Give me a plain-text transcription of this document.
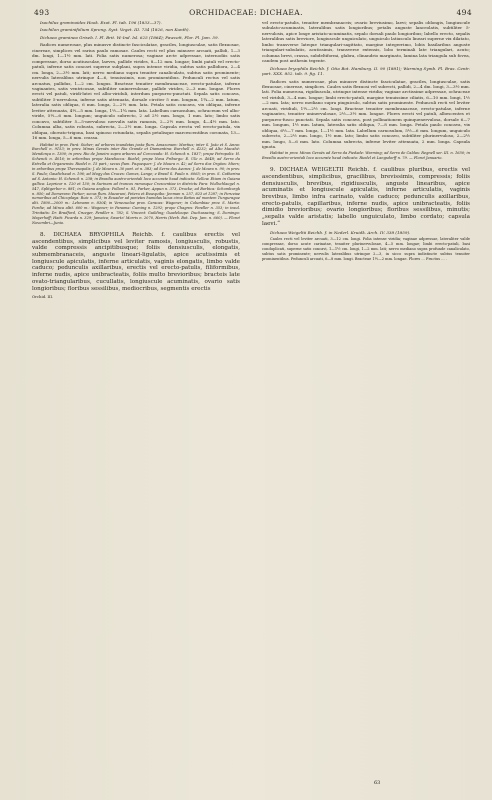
493	ORCHIDACEAE: DICHAEA.	494

Isochilus graminoides Hook. Exot. Fl. tab. 196 (1833—37).

Isochilon graminifolium Spreng. Syst. Veget. III. 734 (1826, non Kunth).

Dichaea graminea Griseb. l. Fl. Brit. W.-Ind. Isl. 625 (1864); Fawcett, Flor. Pl. Jam. 59.

Radices numerosae, plus minusve distincte fasciculatae, graciles, longiusculae, satis flexuosae, cinereae, simplices vel rarius paulo ramosae. Caules recti vel plus minusve arcuati, pallidi, 1—3 dm. longi, 1—1½ mm. lati. Folia satis numerosa; vaginae arcte adpressae, internodiis satis compressae, dorso acutiusculae, laeves, pallide virides, 8—12 mm. longae; limbi patuli vel erecto-patuli, inferne satis concavi superne subplani, supra intense viridia, subtus satis pallidiora, 2—4 cm. longa, 2—3½ mm. lati; nervo mediano supra tenuiter canaliculato, subtus satis prominente; nervulis lateralibus utrinque 4—6, tenuissimis, non prominentibus. Pedunculi rectus vel satis arcuatus, pallidus, 1—2 cm. longus. Bracteae tenuiter membranaceae, erecto-patulae, inferne vaginantes, satis ventricosae, subtiliter uninervulosae, pallide virides, 2—3 mm. longae. Flores erecti vel patuli, viridi-lutei vel albo-viriduli, interdum purpureo-punctati. Sepala satis concava, subtiliter 5-nervulosa, inferne satis attenuata, dorsale circiter 5 mm. longum, 1¾—2 mm. latum, lateralia satis obliqua, 6 mm. longa, 2—2½ mm. lata. Petala satis concava, vix obliqua, inferne leviter attenuata, 4½—5 mm. longa, 1½—1¾ mm. lata. Labellum carnosulum, ochraceum vel albo-viride, 5½—6 mm. longum; unguiculo subrecto, 2 ad 2½ mm. longo, 1 mm. lato; limbo satis concavo, subtiliter 5—5-nervuloso nervulis satis ramosis, 2—2½ mm. longo, 4—4½ mm. lato. Columna alba, satis robusta, subrecta, 2—2½ mm. longa. Capsula erecta vel erecto-patula, vix obliqua, obovato-trigona, basi spinoso rotundata, sepalis petalisque marcescentibus coronata, 13—16 mm. longa, 5—6 mm. crassa.

Habitat in prov. Pará: Sieber; ad arbores inundatas juxta flum. Amazonum: Martius; inter S. João et S. Anna: Burchell n. 9153; in prov. Minas Geraës inter Rio Grande et Diamantina: Burchell n. 4232; ad Alto Macahé: Mendonça n. 1300; in prov. Rio de Janeiro supra arbores ad Corcovado: H. Schenck n. 1837; prope Petropolis: H. Schenck n. 4016; in arboribus prope Mandiocca: Riedel; prope Nova Friburgo: E. Ule n. 4648; ad Serra da Estrella et Organensis: Riedel n. 15 part.; secus flum. Paquequer: J. de Moura n. 42; ad Serra dos Orgãos: Miers; in arboribus prope Theresopolis: J. de Moura n. 30 part. et n. 383; ad Serra dos Avores: J. de Moura n. 90; in prov. S. Paulo; Gaudichaud n. 196; ad Mogy das Cruzes: Gomes, Lange; e Brasil S. Paulo n. 6065; in prov. S. Catharina ad S. Antonio: H. Schenck n. 238; in Brasilia austro-orientali loco accurate haud indicato: Sellow. Etiam in Guiana gallica: Leprieur n. 120 et 130; in Surinam ad truncos ramosque Crescentiae in districtu Para: Wullschlaegel n. 547, Splitgerber n. 881; in Guiana anglica: Pollard n. 81, Parker, Appun n. 373, Drucke; ad Borbica: Schomburgk n. 850; ad Demerara: Parker; secus flum. Mazaruni, Peteru et Essequibo: Jenman n. 257, 823 et 1287; in Peruviae nemoribus ad Chicoplaya: Ruiz n. 373; in Ecuador ad parietes humidas lacus circa Baños ad montem Tungurague alti. 1800—2000 m.: Lehmann n. 8304; in Venezuelae prov. Caracas: Wagener; in Columbiae prov. S. Marta: Purdie; ad Minca altit. 600 m.: Wagener; in Panama: Cuming n. 1292; prope Chagres: Fendler n. 353; in insul. Trinitatis: Dr. Bradford, Crueger, Fendler n. 782; S. Vincent: Guilding; Guadeloupe: Duchassaing; S. Domingo: Mayerhoff; Haiti: Picarda n. 329; Jamaica; Swartz! Morris n. 2070, Harris (Herb. Bot. Dep. Jam. n. 660). — Floret Novembri—Junio.

8. DICHAEA BRYOPHILA Reichb. f. caulibus erectis vel ascendentibus, simplicibus vel leviter ramosis, longiusculis, robustis, valde compressis ancipitibusque; foliis densiusculis, elongatis, submembranaceis, anguste lineari-ligulatis, apice acutissimis et longiuscule apiculatis, inferne articulatis, vaginis elongatis, limbo valde caduco; pedunculis axillaribus, erectis vel erecto-patulis, filiformibus, inferne nudis, apice unibracteatis, foliis multo brevioribus; bracteis late ovato-triangularibus, cucullatis, longiuscule acuminatis, ovario satis longioribus; floribus sessilibus, mediocribus, segmentis erectis

Orchid. III.

vel erecto-patulis, tenuiter membranaceis; ovario breviusimo, laevi; sepalis oblongis, longiuscule subulato-acuminatis, lateralibus satis longioribus; petalis anguste lanceolatis, subtiliter 5-nervulosis, apice longe aristato-acuminatis, sepalo dorsali paulo longioribus; labello erecto, sepalis lateralibus satis breviore, longiuscule unguiculato, unguiculo latiusculo lineari superne vix dilatato, limbo transverse lateque triangulari-sagittato, margine integerrimo, lobis basilaribus anguste triangulari-subulatis, acutissimis, transverse extensis, lobo terminali late triangulari, acuto; columna brevi, crassa, subdeltiformi, glabra, clinandrio marginato, lamina lata triangula sub foveа, candem post anthesin tegente.

Dichaea bryophila Reichb. f. Otia Bot. Hamburg. II. 90 (1881); Warming Symb. Fl. Bras. Centr. part. XXX. 852. tab. 9. fig. 11.

Radices satis numerosae, plus minusve distincte fasciculatae, graciles, longiusculae, satis flexuosae, cinereae, simplices. Caules satis flexuosi vel subrecti, pallidi, 2—4 dm. longi, 3—3½ mm. lati. Folia numerosa, rigidiuscula, utrinque intense viridia; vaginae arctissime adpressae, ochraceae vel viriduli, 3—4 mm. longae; limbi erecto-patuli, margine tenuissime ciliatis, 6—10 mm. longi, 1½—2 mm. lata; nervo mediano supra pinguiculo, subtus satis prominente. Pedunculi recti vel leviter arcuati, viridiuli, 1½—2½ cm. longi. Bracteae tenuiter membranaceae, erecto-patulae, inferne vaginantes, tenuiter uninervulosae, 2½—3½ mm. longae. Flores erecti vel patuli, albescentes et purpureo-fusco punctati. Sepala satis concava, post pollinationem quinquenervulosa, dorsale 6—7 mm. longum, 1½ mm. latum, lateralia satis obliqua, 7—8 mm. longa. Petala paulo concava, vix obliqua, 6½—7 mm. longa, 1—1½ mm. lata. Labellum carnosulum, 5½—6 mm. longum, unguiculo subrecto, 2—2½ mm. longo, 1½ mm. lato; limbo satis concavo, subtiliter plurinervuloso, 2—2½ mm. longo, 5—6 mm. lato. Columna subrecta, inferne leviter attenuata, 2 mm. longa. Capsula ignota.

Habitat in prov. Minas Geraës ad Serra da Piedade: Warming; ad Serra de Caldas: Regnell ser. III. n. 1650; in Brasilia austro-orientali loco accurate haud indicato: Riedel et Langsdorff n. 79. — Floret Januario.

9. DICHAEA WEIGELTII Reichb. f. caulibus pluribus, erectis vel ascendentibus, simplicibus, gracilibus, brevissimis, compressis; foliis densiusculis, brevibus, rigidiusculis, anguste linearibus, apice acuminatis et longiuscule apiculatis, inferne articulatis, vaginis brevibus, limbo infra carinato, valde caduco; pedunculis axillaribus, erecto-patulis, capillaribus, inferne nudis, apice unibracteatis, foliis dimidio brevioribus; ovario longioribus; floribus sessilibus, minutis; „sepalis valde aristatis; labello unguiculato, limbo cordato; capsula laevi.“

Dichaea Weigeltii Reichb. f. in Nederl. Kruidk. Arch. IV. 338 (1859).

Caules recti vel leviter arcuati, 3—12 cm. longi. Folia intense viridia; vaginae adpressae, lateraliter valde compressae, dorso acute carinatae, tenuiter plurinervulosae, 4—5 mm. longae; limbi erecto-patuli, basi conduplicati, superne satis concavi, 1—1½ cm. longi, 1—2 mm. lati; nervo mediano supra profunde canaliculato, subtus satis prominente; nervulis lateralibus utrinque 2—3, in sicco supra indistincte subtus tenuiter prominentibus. Pedunculi arcuati, 6—8 mm. longi. Bracteae 1½—2 mm. longae. Flores ... Fructus ... .

63
